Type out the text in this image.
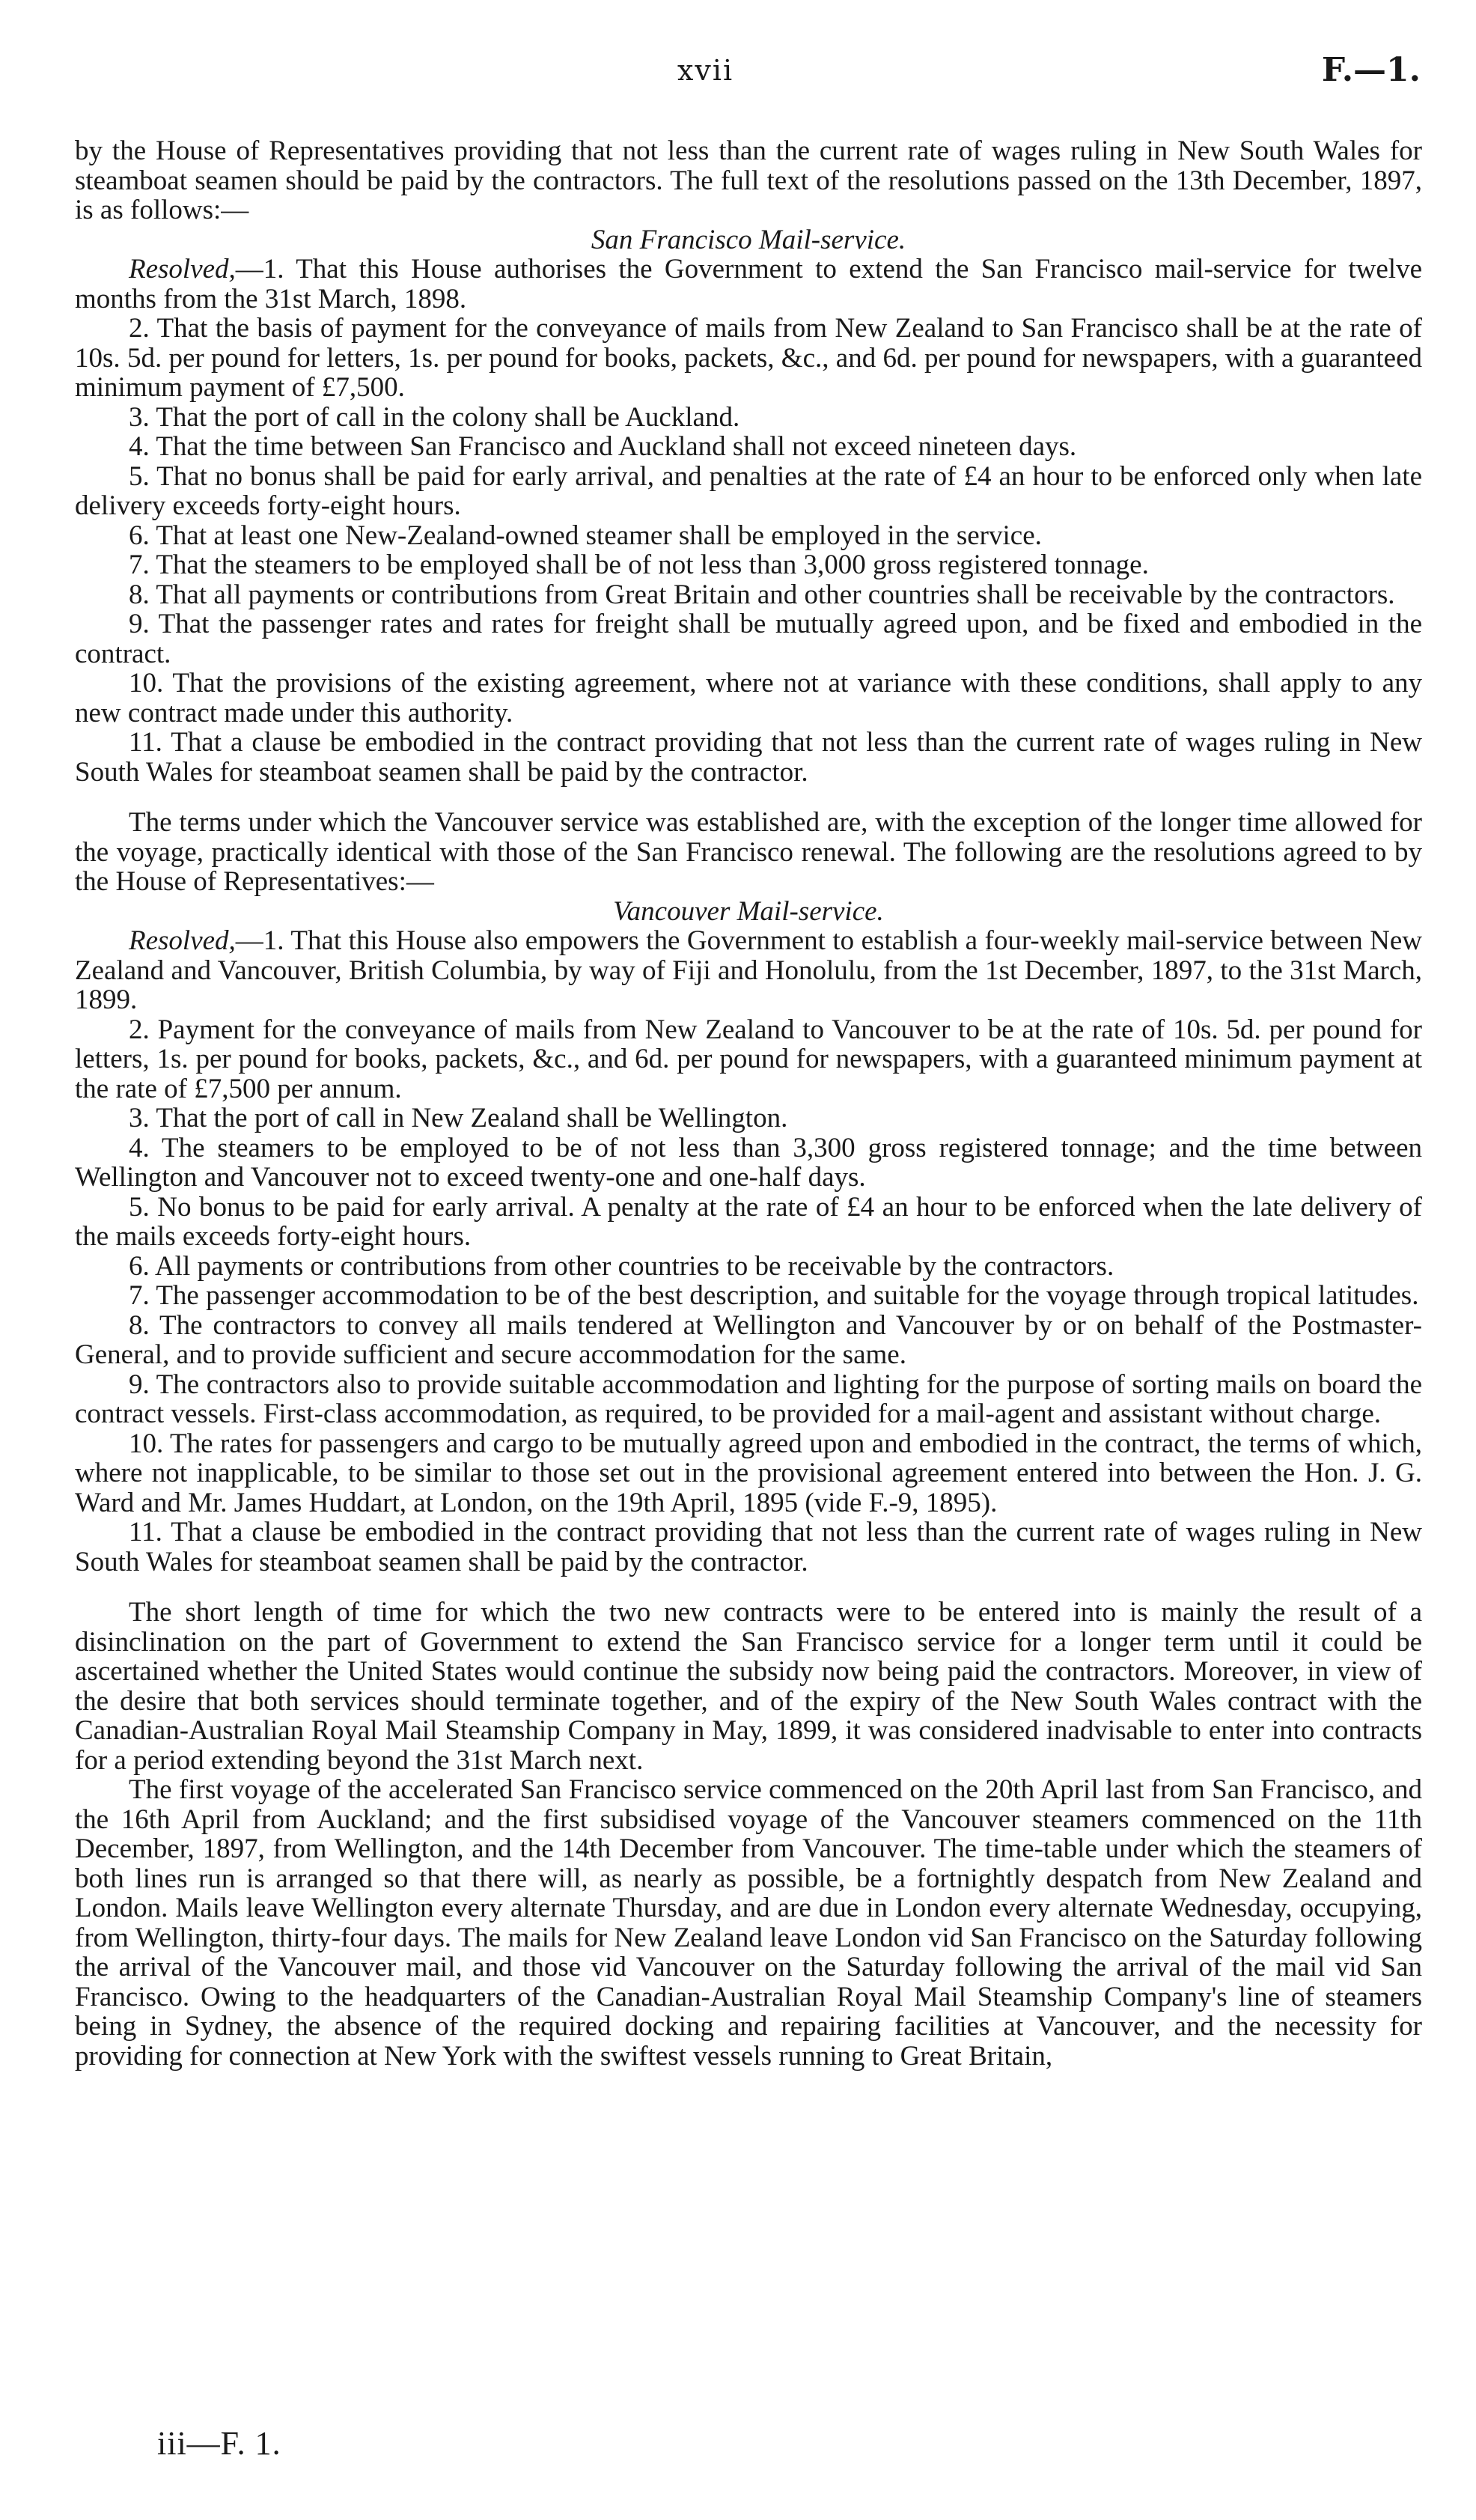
xvii	F.—1.

by the House of Representatives providing that not less than the current rate of wages ruling in New South Wales for steamboat seamen should be paid by the contractors. The full text of the resolutions passed on the 13th December, 1897, is as follows:—

San Francisco Mail-service.

Resolved,—1. That this House authorises the Government to extend the San Francisco mail-service for twelve months from the 31st March, 1898.

2. That the basis of payment for the conveyance of mails from New Zealand to San Francisco shall be at the rate of 10s. 5d. per pound for letters, 1s. per pound for books, packets, &c., and 6d. per pound for newspapers, with a guaranteed minimum payment of £7,500.

3. That the port of call in the colony shall be Auckland.

4. That the time between San Francisco and Auckland shall not exceed nineteen days.

5. That no bonus shall be paid for early arrival, and penalties at the rate of £4 an hour to be enforced only when late delivery exceeds forty-eight hours.

6. That at least one New-Zealand-owned steamer shall be employed in the service.

7. That the steamers to be employed shall be of not less than 3,000 gross registered tonnage.

8. That all payments or contributions from Great Britain and other countries shall be receivable by the contractors.

9. That the passenger rates and rates for freight shall be mutually agreed upon, and be fixed and embodied in the contract.

10. That the provisions of the existing agreement, where not at variance with these conditions, shall apply to any new contract made under this authority.

11. That a clause be embodied in the contract providing that not less than the current rate of wages ruling in New South Wales for steamboat seamen shall be paid by the contractor.

The terms under which the Vancouver service was established are, with the exception of the longer time allowed for the voyage, practically identical with those of the San Francisco renewal. The following are the resolutions agreed to by the House of Representatives:—

Vancouver Mail-service.

Resolved,—1. That this House also empowers the Government to establish a four-weekly mail-service between New Zealand and Vancouver, British Columbia, by way of Fiji and Honolulu, from the 1st December, 1897, to the 31st March, 1899.

2. Payment for the conveyance of mails from New Zealand to Vancouver to be at the rate of 10s. 5d. per pound for letters, 1s. per pound for books, packets, &c., and 6d. per pound for newspapers, with a guaranteed minimum payment at the rate of £7,500 per annum.

3. That the port of call in New Zealand shall be Wellington.

4. The steamers to be employed to be of not less than 3,300 gross registered tonnage; and the time between Wellington and Vancouver not to exceed twenty-one and one-half days.

5. No bonus to be paid for early arrival. A penalty at the rate of £4 an hour to be enforced when the late delivery of the mails exceeds forty-eight hours.

6. All payments or contributions from other countries to be receivable by the contractors.

7. The passenger accommodation to be of the best description, and suitable for the voyage through tropical latitudes.

8. The contractors to convey all mails tendered at Wellington and Vancouver by or on behalf of the Postmaster-General, and to provide sufficient and secure accommodation for the same.

9. The contractors also to provide suitable accommodation and lighting for the purpose of sorting mails on board the contract vessels. First-class accommodation, as required, to be provided for a mail-agent and assistant without charge.

10. The rates for passengers and cargo to be mutually agreed upon and embodied in the contract, the terms of which, where not inapplicable, to be similar to those set out in the provisional agreement entered into between the Hon. J. G. Ward and Mr. James Huddart, at London, on the 19th April, 1895 (vide F.-9, 1895).

11. That a clause be embodied in the contract providing that not less than the current rate of wages ruling in New South Wales for steamboat seamen shall be paid by the contractor.

The short length of time for which the two new contracts were to be entered into is mainly the result of a disinclination on the part of Government to extend the San Francisco service for a longer term until it could be ascertained whether the United States would continue the subsidy now being paid the contractors. Moreover, in view of the desire that both services should terminate together, and of the expiry of the New South Wales contract with the Canadian-Australian Royal Mail Steamship Company in May, 1899, it was considered inadvisable to enter into contracts for a period extending beyond the 31st March next.

The first voyage of the accelerated San Francisco service commenced on the 20th April last from San Francisco, and the 16th April from Auckland; and the first subsidised voyage of the Vancouver steamers commenced on the 11th December, 1897, from Wellington, and the 14th December from Vancouver. The time-table under which the steamers of both lines run is arranged so that there will, as nearly as possible, be a fortnightly despatch from New Zealand and London. Mails leave Wellington every alternate Thursday, and are due in London every alternate Wednesday, occupying, from Wellington, thirty-four days. The mails for New Zealand leave London vid San Francisco on the Saturday following the arrival of the Vancouver mail, and those vid Vancouver on the Saturday following the arrival of the mail vid San Francisco. Owing to the headquarters of the Canadian-Australian Royal Mail Steamship Company's line of steamers being in Sydney, the absence of the required docking and repairing facilities at Vancouver, and the necessity for providing for connection at New York with the swiftest vessels running to Great Britain,

iii—F. 1.
